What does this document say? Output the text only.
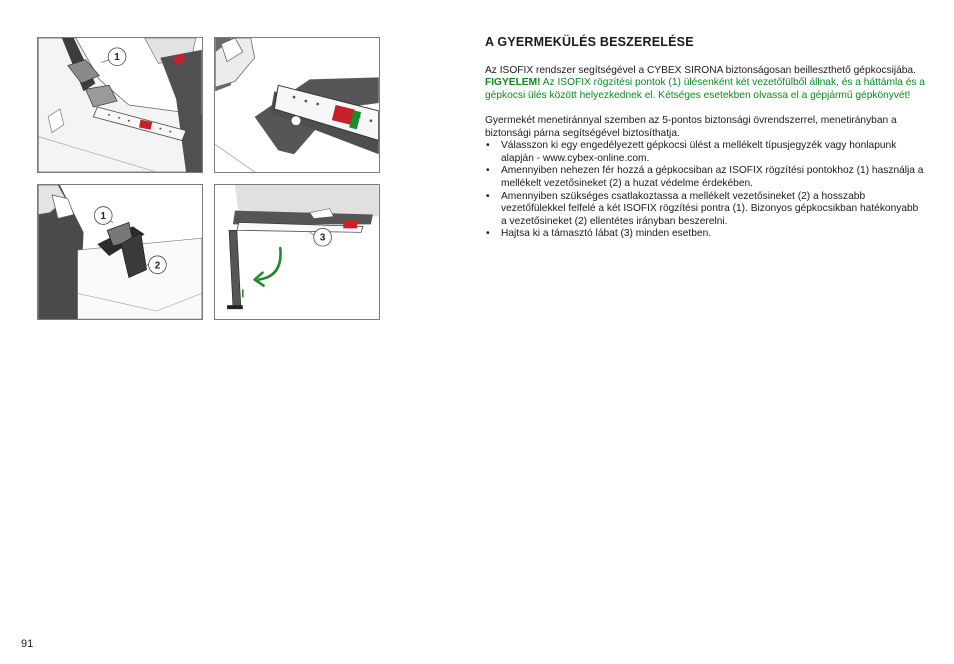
1
1
2
3
A GYERMEKÜLÉS BESZERELÉSE

Az ISOFIX rendszer segítségével a CYBEX SIRONA biztonságosan beilleszthető gépkocsijába.

FIGYELEM! Az ISOFIX rögzítési pontok (1) ülésenként két vezetőfülből állnak, és a háttámla és a gépkocsi ülés között helyezkednek el. Kétséges esetekben olvassa el a gépjármű gépkönyvét!

Gyermekét menetiránnyal szemben az 5-pontos biztonsági övrendszerrel, menetirányban a biztonsági párna segítségével biztosíthatja.

• Válasszon ki egy engedélyezett gépkocsi ülést a mellékelt típusjegyzék vagy honlapunk alapján - www.cybex-online.com.
• Amennyiben nehezen fér hozzá a gépkocsiban az ISOFIX rögzítési pontokhoz (1) használja a mellékelt vezetősineket (2) a huzat védelme érdekében.
• Amennyiben szükséges csatlakoztassa a mellékelt vezetősineket (2) a hosszabb vezetőfülekkel felfelé a két ISOFIX rögzítési pontra (1). Bizonyos gépkocsikban hatékonyabb a vezetősineket (2) ellentétes irányban beszerelni.
• Hajtsa ki a támasztó lábat (3) minden esetben.
91
